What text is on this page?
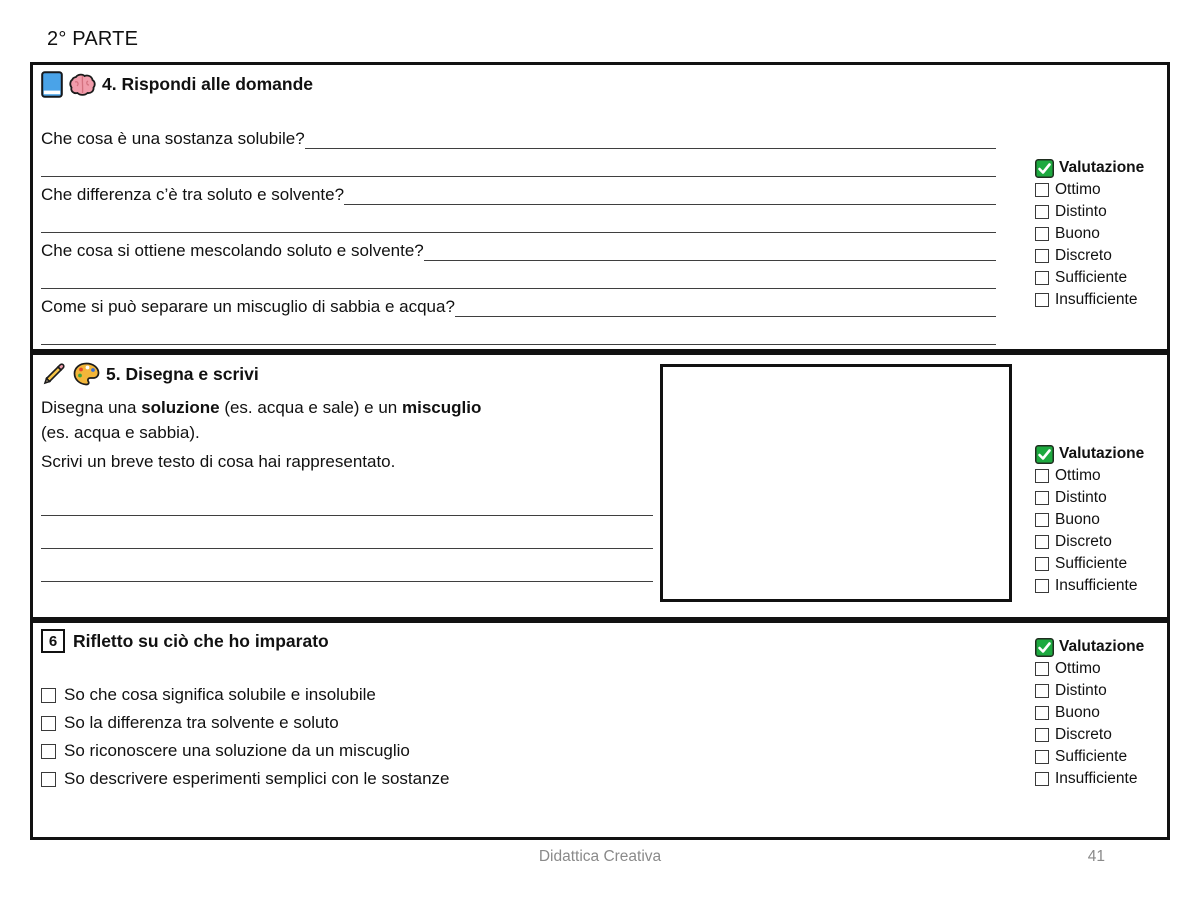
2° PARTE
4. Rispondi alle domande
Che cosa è una sostanza solubile?
Che differenza c’è tra soluto e solvente?
Che cosa si ottiene mescolando soluto e solvente?
Come si può separare un miscuglio di sabbia e acqua?
Valutazione
Ottimo
Distinto
Buono
Discreto
Sufficiente
Insufficiente
5. Disegna e scrivi
Disegna una soluzione (es. acqua e sale) e un miscuglio
(es. acqua e sabbia).
Scrivi un breve testo di cosa hai rappresentato.	Valutazione
Ottimo
Distinto
Buono
Discreto
Sufficiente
Insufficiente
6 Rifletto su ciò che ho imparato
So che cosa significa solubile e insolubile
So la differenza tra solvente e soluto
So riconoscere una soluzione da un miscuglio
So descrivere esperimenti semplici con le sostanze
Valutazione
Ottimo
Distinto
Buono
Discreto
Sufficiente
Insufficiente
Didattica Creativa	41
